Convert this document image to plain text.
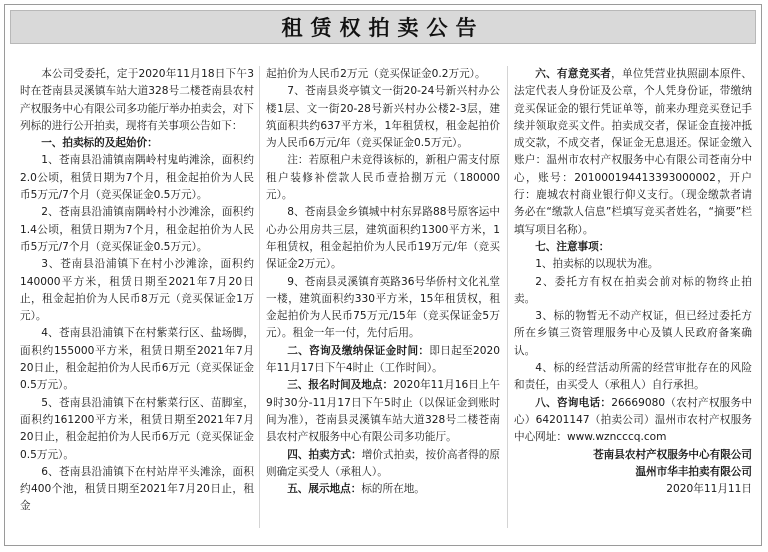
租赁权拍卖公告

本公司受委托，定于2020年11月18日下午3时在苍南县灵溪镇车站大道328号二楼苍南县农村产权服务中心有限公司多功能厅举办拍卖会，对下列标的进行公开拍卖，现将有关事项公告如下：

一、拍卖标的及起始价：

1、苍南县沿浦镇南隅岭村鬼屿滩涂，面积约2.0公顷，租赁日期为7个月，租金起拍价为人民币5万元/7个月（竞买保证金0.5万元）。

2、苍南县沿浦镇南隅岭村小沙滩涂，面积约1.4公顷，租赁日期为7个月，租金起拍价为人民币5万元/7个月（竞买保证金0.5万元）。

3、苍南县沿浦镇下在村小沙滩涂，面积约140000平方米，租赁日期至2021年7月20日止，租金起拍价为人民币8万元（竞买保证金1万元）。

4、苍南县沿浦镇下在村紫菜行区、盐场脚，面积约155000平方米，租赁日期至2021年7月20日止，租金起拍价为人民币6万元（竞买保证金0.5万元）。

5、苍南县沿浦镇下在村紫菜行区、苗脚室，面积约161200平方米，租赁日期至2021年7月20日止，租金起拍价为人民币6万元（竞买保证金0.5万元）。

6、苍南县沿浦镇下在村站岸平头滩涂，面积约400个池，租赁日期至2021年7月20日止，租金

起拍价为人民币2万元（竞买保证金0.2万元）。

7、苍南县炎亭镇文一街20-24号新兴村办公楼1层、文一街20-28号新兴村办公楼2-3层，建筑面积共约637平方米，1年租赁权，租金起拍价为人民币6万元/年（竞买保证金0.5万元）。

注：若原租户未竞得该标的，新租户需支付原租户装修补偿款人民币壹拾捌万元（180000元）。

8、苍南县金乡镇城中村东昇路88号原客运中心办公用房共三层，建筑面积约1300平方米，1年租赁权，租金起拍价为人民币19万元/年（竞买保证金2万元）。

9、苍南县灵溪镇育英路36号华侨村文化礼堂一楼，建筑面积约330平方米，15年租赁权，租金起拍价为人民币75万元/15年（竞买保证金5万元）。租金一年一付，先付后用。

二、咨询及缴纳保证金时间：即日起至2020年11月17日下午4时止（工作时间）。

三、报名时间及地点：2020年11月16日上午9时30分-11月17日下午5时止（以保证金到账时间为准），苍南县灵溪镇车站大道328号二楼苍南县农村产权服务中心有限公司多功能厅。

四、拍卖方式：增价式拍卖，按价高者得的原则确定买受人（承租人）。

五、展示地点：标的所在地。

六、有意竞买者，单位凭营业执照副本原件、法定代表人身份证及公章，个人凭身份证，带缴纳竞买保证金的银行凭证单等，前来办理竞买登记手续并领取竞买文件。拍卖成交者，保证金直接冲抵成交款，不成交者，保证金无息退还。保证金缴入账户：温州市农村产权服务中心有限公司苍南分中心，账号：201000194413393000002，开户行：鹿城农村商业银行仰义支行。（现金缴款者请务必在“缴款人信息”栏填写竞买者姓名，“摘要”栏填写项目名称）。

七、注意事项：

1、拍卖标的以现状为准。

2、委托方有权在拍卖会前对标的物终止拍卖。

3、标的物暂无不动产权证，但已经过委托方所在乡镇三资管理服务中心及镇人民政府备案确认。

4、标的经营活动所需的经营审批存在的风险和责任，由买受人（承租人）自行承担。

八、咨询电话：26669080（农村产权服务中心）64201147（拍卖公司）温州市农村产权服务中心网址：www.wzncccq.com

苍南县农村产权服务中心有限公司

温州市华丰拍卖有限公司

2020年11月11日
